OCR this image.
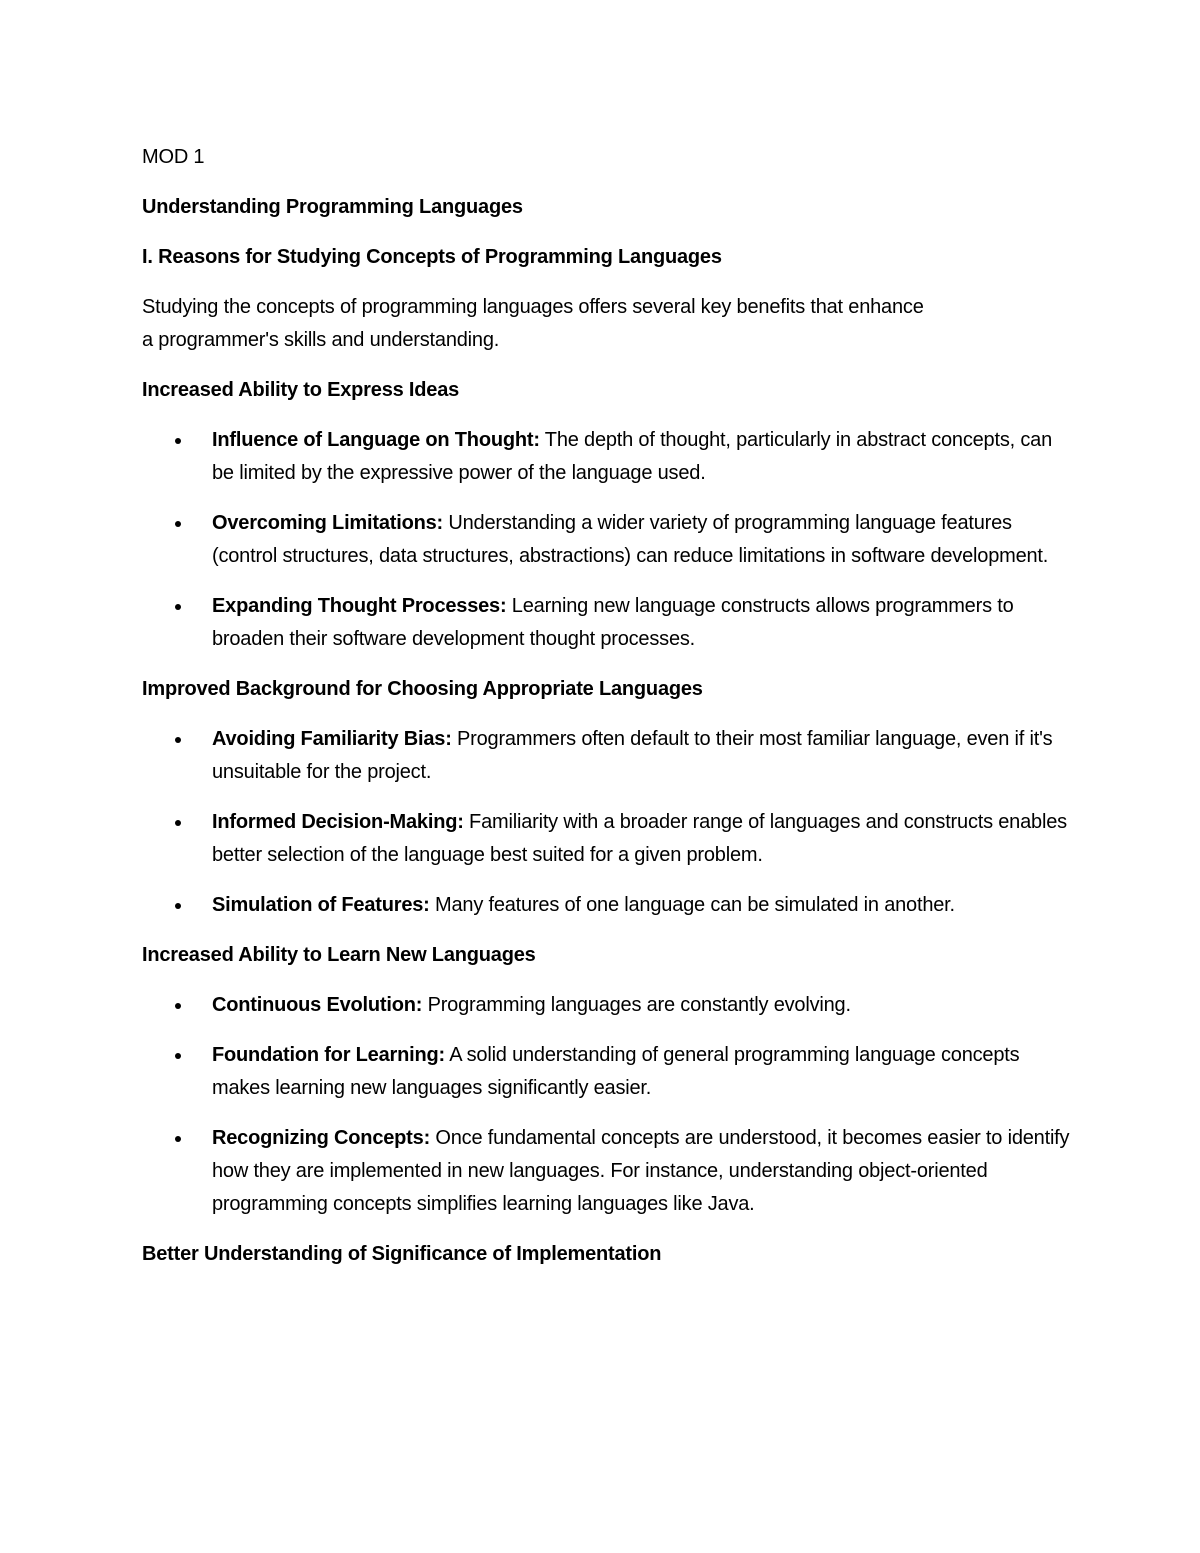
MOD 1

Understanding Programming Languages

I. Reasons for Studying Concepts of Programming Languages

Studying the concepts of programming languages offers several key benefits that enhance
a programmer's skills and understanding.

Increased Ability to Express Ideas

Influence of Language on Thought: The depth of thought, particularly in abstract concepts, can be limited by the expressive power of the language used.
Overcoming Limitations: Understanding a wider variety of programming language features (control structures, data structures, abstractions) can reduce limitations in software development.
Expanding Thought Processes: Learning new language constructs allows programmers to broaden their software development thought processes.

Improved Background for Choosing Appropriate Languages

Avoiding Familiarity Bias: Programmers often default to their most familiar language, even if it's unsuitable for the project.
Informed Decision-Making: Familiarity with a broader range of languages and constructs enables better selection of the language best suited for a given problem.
Simulation of Features: Many features of one language can be simulated in another.

Increased Ability to Learn New Languages

Continuous Evolution: Programming languages are constantly evolving.
Foundation for Learning: A solid understanding of general programming language concepts makes learning new languages significantly easier.
Recognizing Concepts: Once fundamental concepts are understood, it becomes easier to identify how they are implemented in new languages. For instance, understanding object-oriented programming concepts simplifies learning languages like Java.

Better Understanding of Significance of Implementation
